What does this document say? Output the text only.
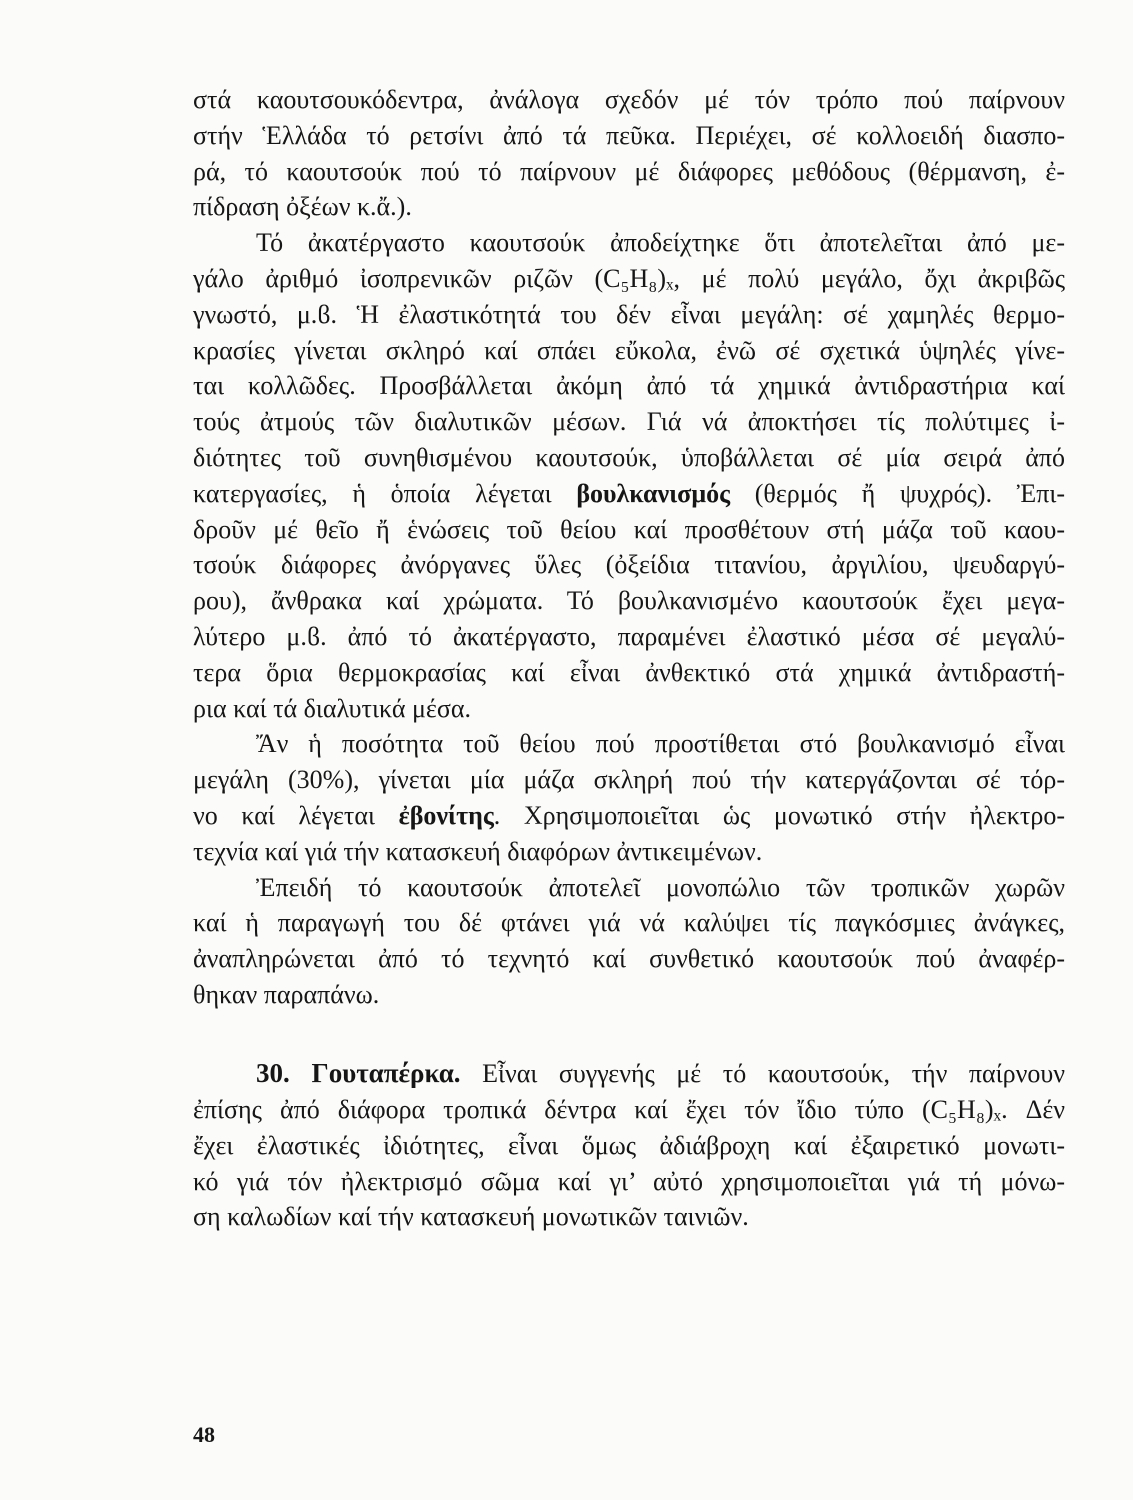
στά καουτσουκόδεντρα, ἀνάλογα σχεδόν μέ τόν τρόπο πού παίρνουν
στήν Ἑλλάδα τό ρετσίνι ἀπό τά πεῦκα. Περιέχει, σέ κολλοειδή διασπο-
ρά, τό καουτσούκ πού τό παίρνουν μέ διάφορες μεθόδους (θέρμανση, ἐ-
πίδραση ὀξέων κ.ἄ.).
Τό ἀκατέργαστο καουτσούκ ἀποδείχτηκε ὅτι ἀποτελεῖται ἀπό με-
γάλο ἀριθμό ἰσοπρενικῶν ριζῶν (C₅H₈)ₓ, μέ πολύ μεγάλο, ὄχι ἀκριβῶς
γνωστό, μ.ϐ. Ἡ ἐλαστικότητά του δέν εἶναι μεγάλη: σέ χαμηλές θερμο-
κρασίες γίνεται σκληρό καί σπάει εὔκολα, ἐνῶ σέ σχετικά ὑψηλές γίνε-
ται κολλῶδες. Προσβάλλεται ἀκόμη ἀπό τά χημικά ἀντιδραστήρια καί
τούς ἀτμούς τῶν διαλυτικῶν μέσων. Γιά νά ἀποκτήσει τίς πολύτιμες ἰ-
διότητες τοῦ συνηθισμένου καουτσούκ, ὑποβάλλεται σέ μία σειρά ἀπό
κατεργασίες, ἡ ὁποία λέγεται βουλκανισμός (θερμός ἤ ψυχρός). Ἐπι-
δροῦν μέ θεῖο ἤ ἑνώσεις τοῦ θείου καί προσθέτουν στή μάζα τοῦ καου-
τσούκ διάφορες ἀνόργανες ὕλες (ὀξείδια τιτανίου, ἀργιλίου, ψευδαργύ-
ρου), ἄνθρακα καί χρώματα. Τό βουλκανισμένο καουτσούκ ἔχει μεγα-
λύτερο μ.ϐ. ἀπό τό ἀκατέργαστο, παραμένει ἐλαστικό μέσα σέ μεγαλύ-
τερα ὅρια θερμοκρασίας καί εἶναι ἀνθεκτικό στά χημικά ἀντιδραστή-
ρια καί τά διαλυτικά μέσα.
Ἄν ἡ ποσότητα τοῦ θείου πού προστίθεται στό βουλκανισμό εἶναι
μεγάλη (30%), γίνεται μία μάζα σκληρή πού τήν κατεργάζονται σέ τόρ-
νο καί λέγεται ἐβονίτης. Χρησιμοποιεῖται ὡς μονωτικό στήν ἠλεκτρο-
τεχνία καί γιά τήν κατασκευή διαφόρων ἀντικειμένων.
Ἐπειδή τό καουτσούκ ἀποτελεῖ μονοπώλιο τῶν τροπικῶν χωρῶν
καί ἡ παραγωγή του δέ φτάνει γιά νά καλύψει τίς παγκόσμιες ἀνάγκες,
ἀναπληρώνεται ἀπό τό τεχνητό καί συνθετικό καουτσούκ πού ἀναφέρ-
θηκαν παραπάνω.
30. Γουταπέρκα. Εἶναι συγγενής μέ τό καουτσούκ, τήν παίρνουν
ἐπίσης ἀπό διάφορα τροπικά δέντρα καί ἔχει τόν ἴδιο τύπο (C₅H₈)ₓ. Δέν
ἔχει ἐλαστικές ἰδιότητες, εἶναι ὅμως ἀδιάβροχη καί ἐξαιρετικό μονωτι-
κό γιά τόν ἠλεκτρισμό σῶμα καί γι’ αὐτό χρησιμοποιεῖται γιά τή μόνω-
ση καλωδίων καί τήν κατασκευή μονωτικῶν ταινιῶν.
48
